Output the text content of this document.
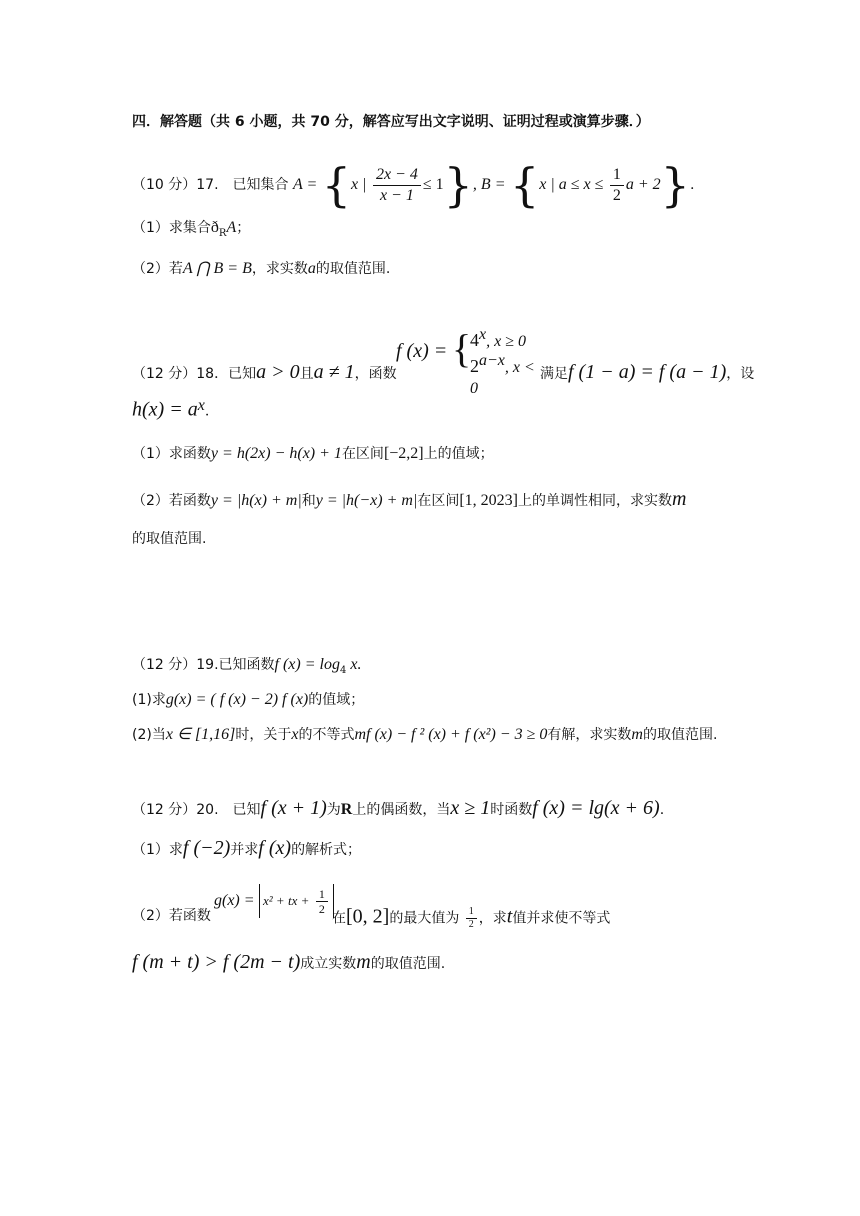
四．解答题（共 6 小题，共 70 分，解答应写出文字说明、证明过程或演算步骤．）
（10 分）17.　已知集合 A = {x | $\frac{2x - 4}{x - 1} \le 1$}, B = {x | $a \le x \le \frac{1}{2}$ a + 2}.
（1）求集合$ð_RA$；
（2）若A ⋂ B = B，求实数a的取值范围.
（12 分）18．已知a > 0且a ≠ 1，函数
f (x) = {
4$^x$, x ≥ 0
$2^{a-x}$, x < 0
满足f (1 − a) = f (a − 1)，设
$h(x) = a^x$.
（1）求函数y = h(2x) − h(x) + 1在区间[−2,2]上的值域；
（2）若函数y = |h(x) + m|和y = |h(−x) + m|在区间[1, 2023]上的单调性相同，求实数m
的取值范围.
（12 分）19.已知函数f $(x) = \log_4 x$.
(1)求g(x) = ( f (x) − 2) f (x)的值域；
(2)当x ∈ [1,16]时，关于x的不等式mf (x) − f ² (x) + f (x²) − 3 ≥ 0有解，求实数m的取值范围.
（12 分）20.　已知f (x + 1)为R上的偶函数，当x ≥ 1时函数f (x) = lg(x + 6).
（1）求f (−2)并求f (x)的解析式；
（2）若函数
g(x) = x² + tx + $\frac{1}{2}$
在[0, 2]的最大值为 $\frac{1}{2}$ ，求t值并求使不等式
f (m + t) > f (2m − t)成立实数m的取值范围.
